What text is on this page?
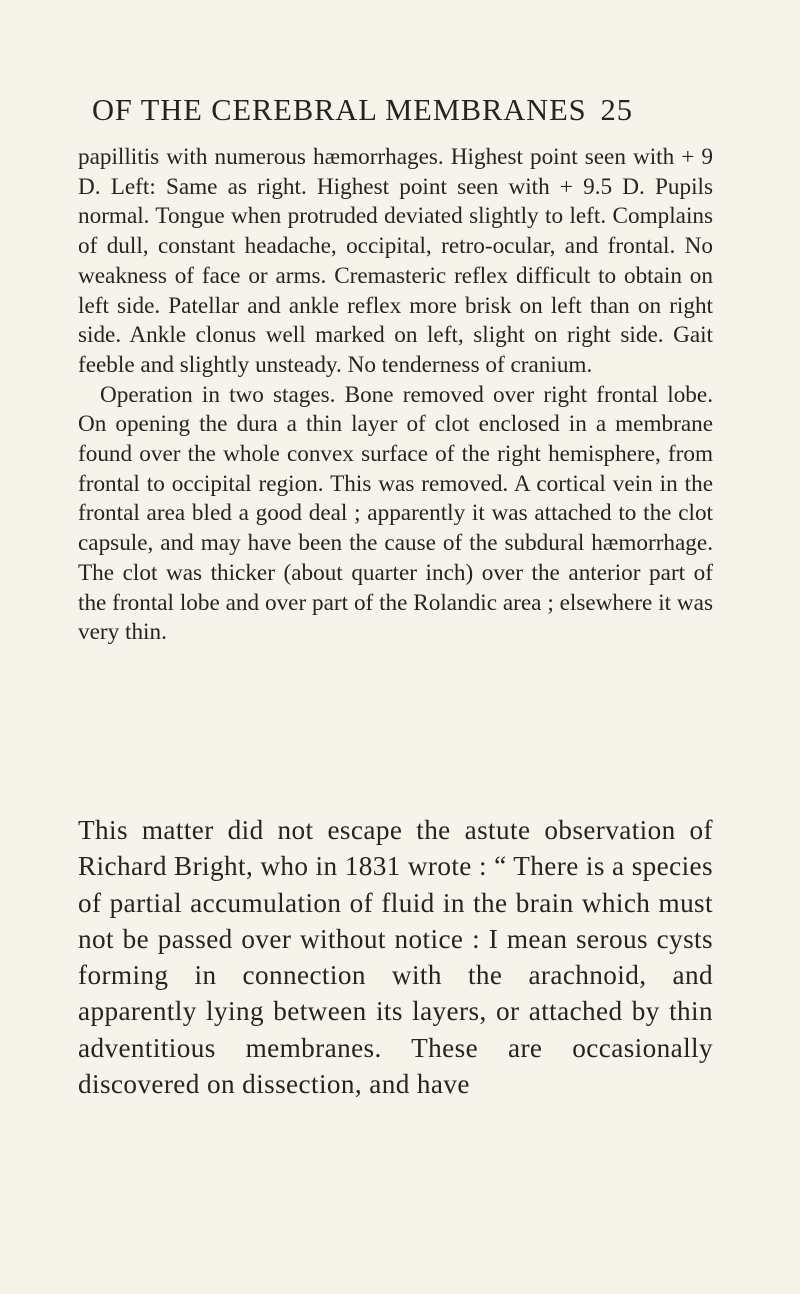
OF THE CEREBRAL MEMBRANES 25

papillitis with numerous hæmorrhages. Highest point seen with + 9 D. Left: Same as right. Highest point seen with + 9.5 D. Pupils normal. Tongue when protruded deviated slightly to left. Complains of dull, constant headache, occipital, retro-ocular, and frontal. No weakness of face or arms. Cremasteric reflex difficult to obtain on left side. Patellar and ankle reflex more brisk on left than on right side. Ankle clonus well marked on left, slight on right side. Gait feeble and slightly unsteady. No tenderness of cranium.

Operation in two stages. Bone removed over right frontal lobe. On opening the dura a thin layer of clot enclosed in a membrane found over the whole convex surface of the right hemisphere, from frontal to occipital region. This was removed. A cortical vein in the frontal area bled a good deal ; apparently it was attached to the clot capsule, and may have been the cause of the subdural hæmorrhage. The clot was thicker (about quarter inch) over the anterior part of the frontal lobe and over part of the Rolandic area ; elsewhere it was very thin.

This matter did not escape the astute observation of Richard Bright, who in 1831 wrote : “ There is a species of partial accumulation of fluid in the brain which must not be passed over without notice : I mean serous cysts forming in connection with the arachnoid, and apparently lying between its layers, or attached by thin adventitious membranes. These are occasionally discovered on dissection, and have
